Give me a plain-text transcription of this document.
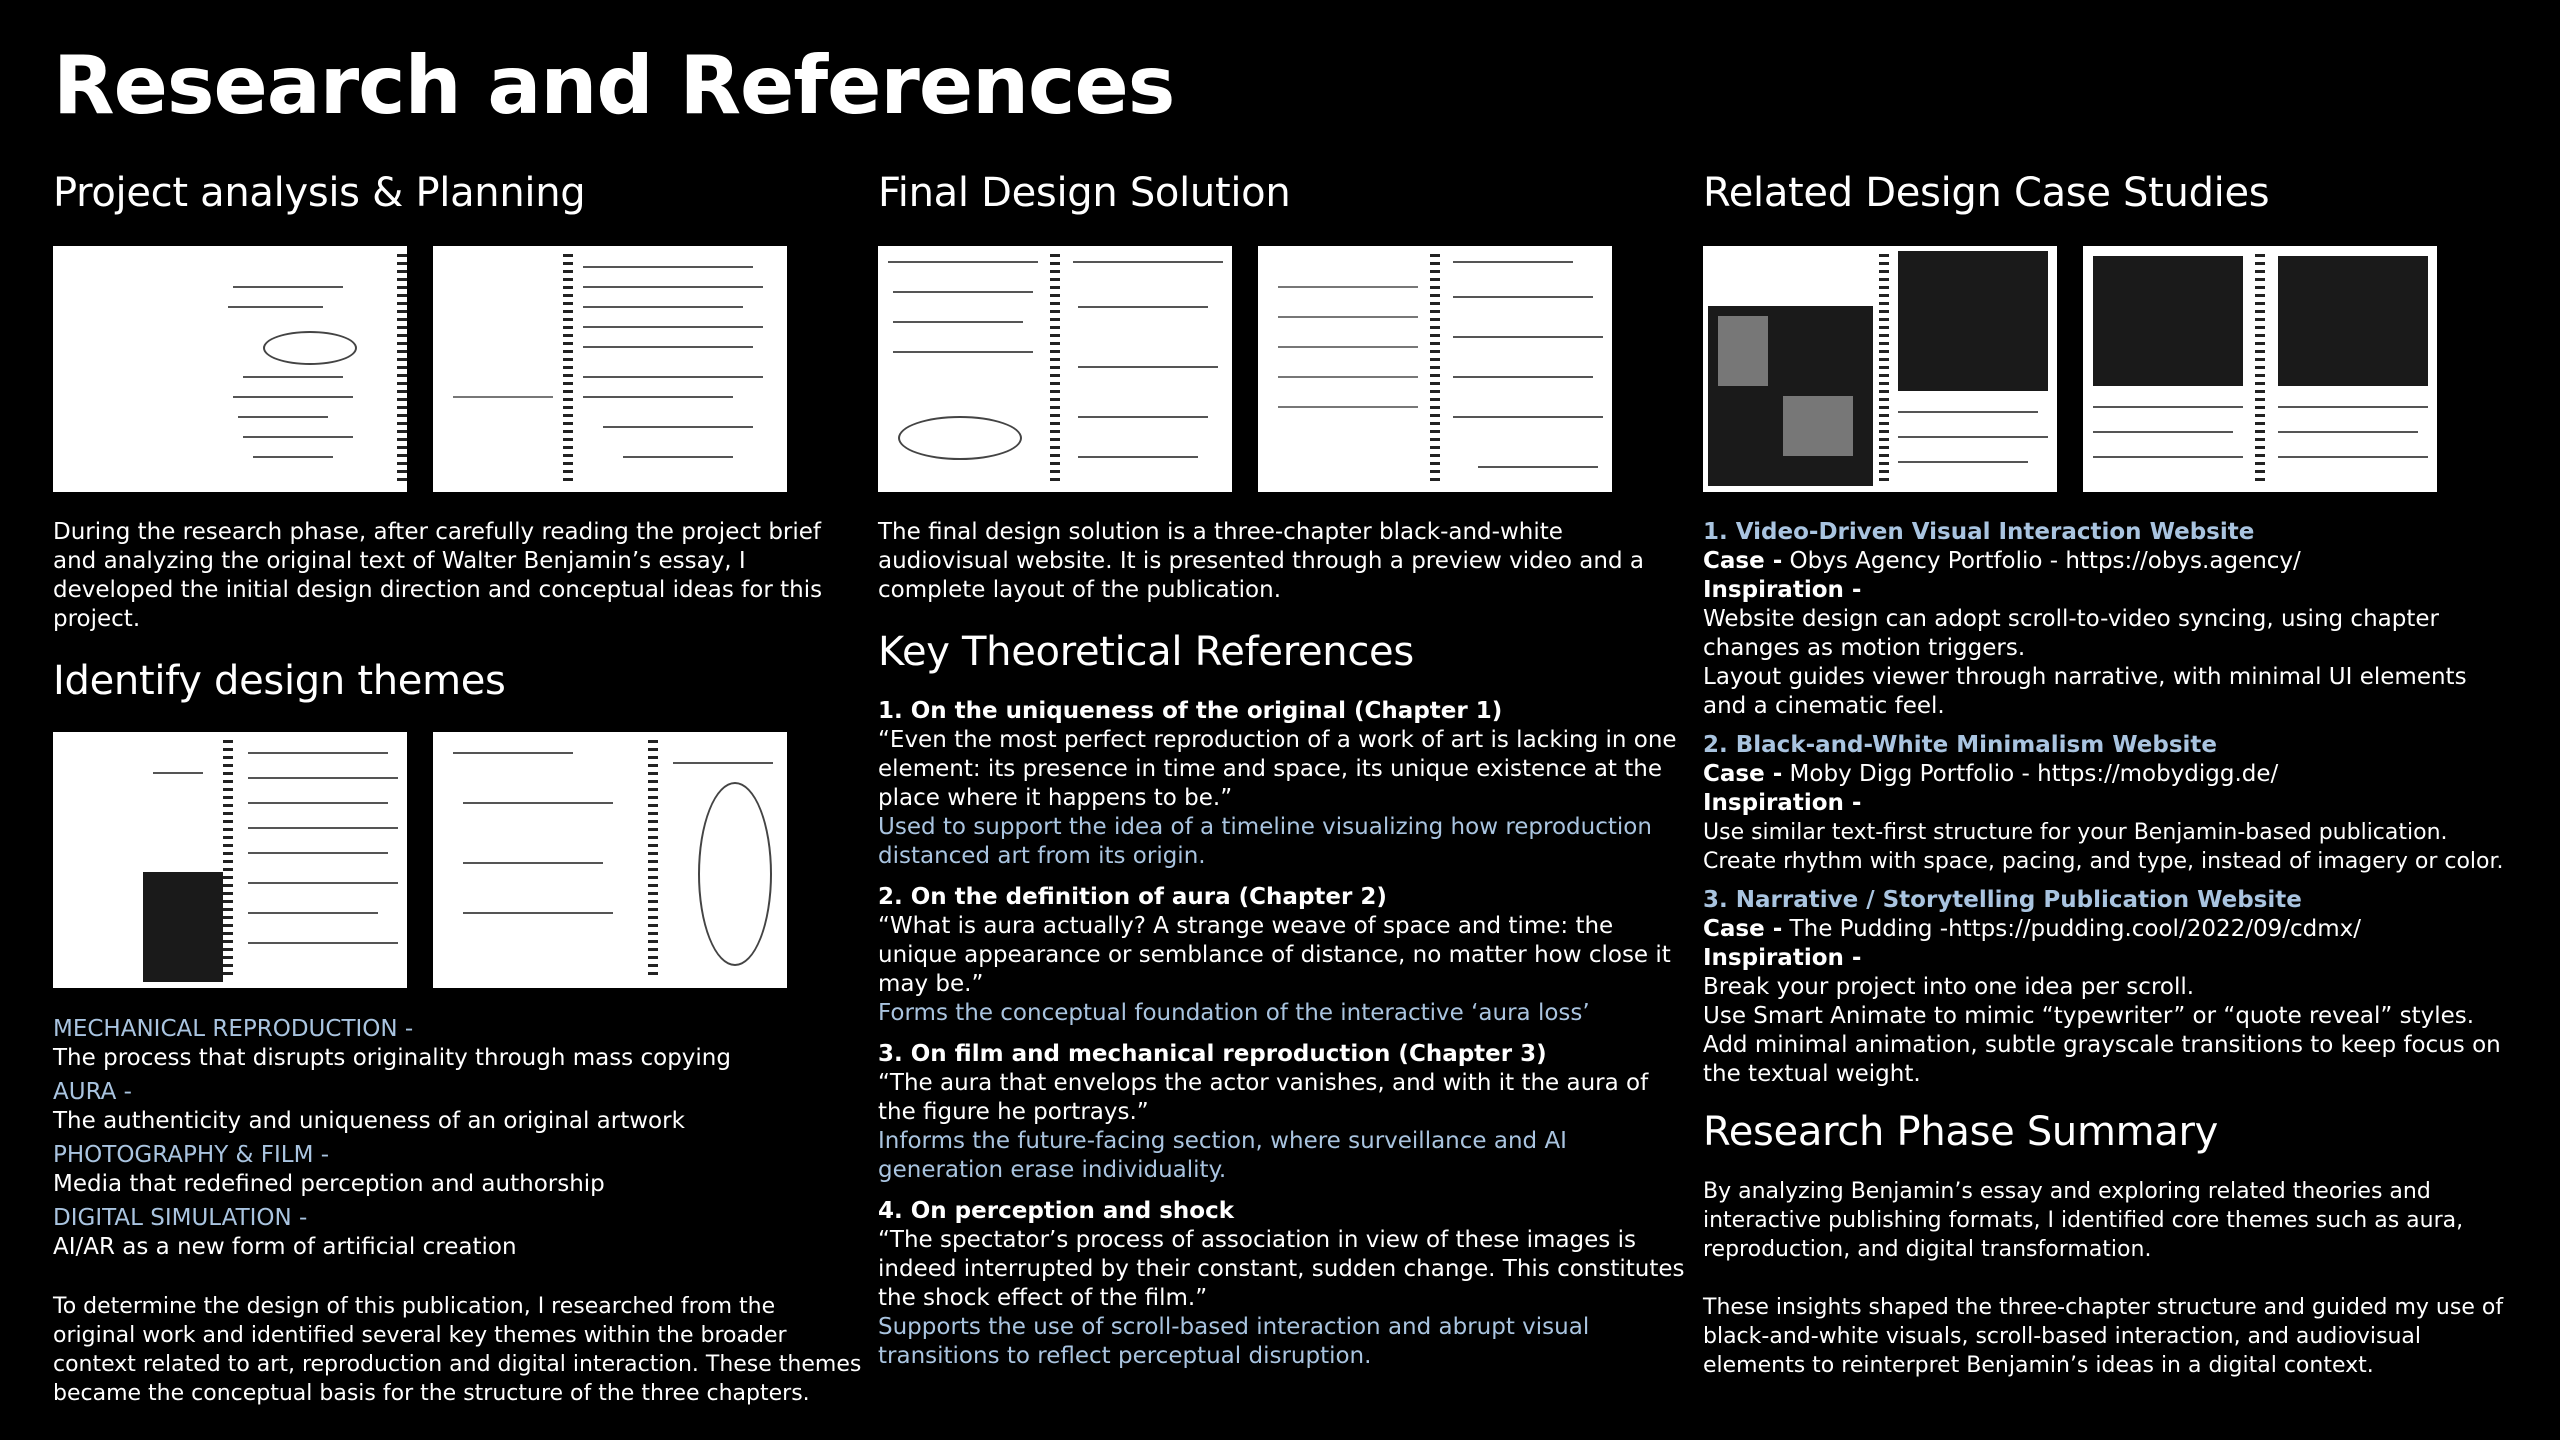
Research and References
Project analysis & Planning

During the research phase, after carefully reading the project brief and analyzing the original text of Walter Benjamin’s essay, I developed the initial design direction and conceptual ideas for this project.

Identify design themes
MECHANICAL REPRODUCTION -
The process that disrupts originality through mass copying
AURA -
The authenticity and uniqueness of an original artwork
PHOTOGRAPHY & FILM -
Media that redefined perception and authorship
DIGITAL SIMULATION -
AI/AR as a new form of artificial creation

To determine the design of this publication, I researched from the original work and identified several key themes within the broader context related to art, reproduction and digital interaction. These themes became the conceptual basis for the structure of the three chapters.

Final Design Solution

The final design solution is a three-chapter black-and-white audiovisual website. It is presented through a preview video and a complete layout of the publication.

Key Theoretical References
1. On the uniqueness of the original (Chapter 1)
“Even the most perfect reproduction of a work of art is lacking in one element: its presence in time and space, its unique existence at the place where it happens to be.”
Used to support the idea of a timeline visualizing how reproduction distanced art from its origin.
2. On the definition of aura (Chapter 2)
“What is aura actually? A strange weave of space and time: the unique appearance or semblance of distance, no matter how close it may be.”
Forms the conceptual foundation of the interactive ‘aura loss’
3. On film and mechanical reproduction (Chapter 3)
“The aura that envelops the actor vanishes, and with it the aura of the figure he portrays.”
Informs the future-facing section, where surveillance and AI generation erase individuality.
4. On perception and shock
“The spectator’s process of association in view of these images is indeed interrupted by their constant, sudden change. This constitutes the shock effect of the film.”
Supports the use of scroll-based interaction and abrupt visual transitions to reflect perceptual disruption.
Related Design Case Studies
1. Video-Driven Visual Interaction Website
Case - Obys Agency Portfolio - https://obys.agency/
Inspiration -
Website design can adopt scroll-to-video syncing, using chapter changes as motion triggers.
Layout guides viewer through narrative, with minimal UI elements and a cinematic feel.
2. Black-and-White Minimalism Website
Case - Moby Digg Portfolio - https://mobydigg.de/
Inspiration -
Use similar text-first structure for your Benjamin-based publication.
Create rhythm with space, pacing, and type, instead of imagery or color.
3. Narrative / Storytelling Publication Website
Case - The Pudding -https://pudding.cool/2022/09/cdmx/
Inspiration -
Break your project into one idea per scroll.
Use Smart Animate to mimic “typewriter” or “quote reveal” styles.
Add minimal animation, subtle grayscale transitions to keep focus on the textual weight.
Research Phase Summary

By analyzing Benjamin’s essay and exploring related theories and interactive publishing formats, I identified core themes such as aura, reproduction, and digital transformation.

These insights shaped the three-chapter structure and guided my use of black-and-white visuals, scroll-based interaction, and audiovisual elements to reinterpret Benjamin’s ideas in a digital context.
